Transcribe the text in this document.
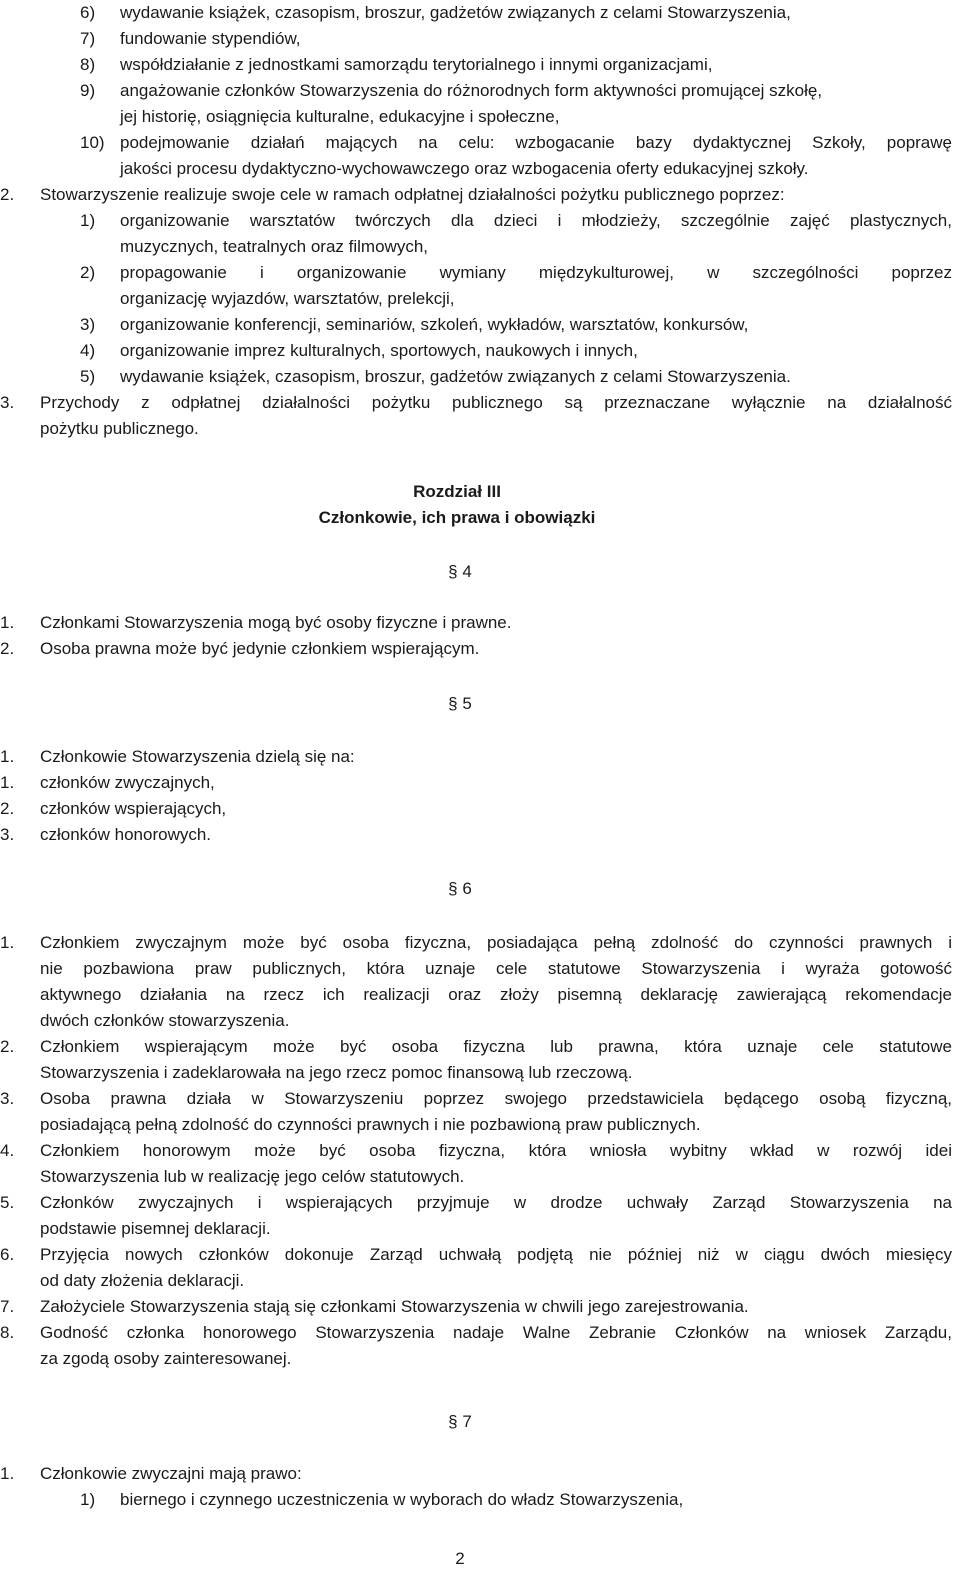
6)	wydawanie książek, czasopism, broszur, gadżetów związanych z celami Stowarzyszenia,
7)	fundowanie stypendiów,
8)	współdziałanie z jednostkami samorządu terytorialnego i innymi organizacjami,
9)	angażowanie członków Stowarzyszenia do różnorodnych form aktywności promującej szkołę,
jej historię, osiągnięcia kulturalne, edukacyjne i społeczne,
10) podejmowanie działań mających na celu: wzbogacanie bazy dydaktycznej Szkoły, poprawę
jakości procesu dydaktyczno-wychowawczego oraz wzbogacenia oferty edukacyjnej szkoły.
2.	Stowarzyszenie realizuje swoje cele w ramach odpłatnej działalności pożytku publicznego poprzez:
1)	organizowanie warsztatów twórczych dla dzieci i młodzieży, szczególnie zajęć plastycznych,
muzycznych, teatralnych oraz filmowych,
2)	propagowanie i organizowanie wymiany międzykulturowej, w szczególności poprzez
organizację wyjazdów, warsztatów, prelekcji,
3)	organizowanie konferencji, seminariów, szkoleń, wykładów, warsztatów, konkursów,
4)	organizowanie imprez kulturalnych, sportowych, naukowych i innych,
5)	wydawanie książek, czasopism, broszur, gadżetów związanych z celami Stowarzyszenia.
3.	Przychody z odpłatnej działalności pożytku publicznego są przeznaczane wyłącznie na działalność
pożytku publicznego.
Rozdział III
Członkowie, ich prawa i obowiązki
§ 4
1.	Członkami Stowarzyszenia mogą być osoby fizyczne i prawne.
2.	Osoba prawna może być jedynie członkiem wspierającym.
§ 5
1.	Członkowie Stowarzyszenia dzielą się na:
1.	członków zwyczajnych,
2.	członków wspierających,
3.	członków honorowych.
§ 6
1.	Członkiem zwyczajnym może być osoba fizyczna, posiadająca pełną zdolność do czynności prawnych i
nie pozbawiona praw publicznych, która uznaje cele statutowe Stowarzyszenia i wyraża gotowość
aktywnego działania na rzecz ich realizacji oraz złoży pisemną deklarację zawierającą rekomendacje
dwóch członków stowarzyszenia.
2.	Członkiem wspierającym może być osoba fizyczna lub prawna, która uznaje cele statutowe
Stowarzyszenia i zadeklarowała na jego rzecz pomoc finansową lub rzeczową.
3.	Osoba prawna działa w Stowarzyszeniu poprzez swojego przedstawiciela będącego osobą fizyczną,
posiadającą pełną zdolność do czynności prawnych i nie pozbawioną praw publicznych.
4.	Członkiem honorowym może być osoba fizyczna, która wniosła wybitny wkład w rozwój idei
Stowarzyszenia lub w realizację jego celów statutowych.
5.	Członków zwyczajnych i wspierających przyjmuje w drodze uchwały Zarząd Stowarzyszenia na
podstawie pisemnej deklaracji.
6.	Przyjęcia nowych członków dokonuje Zarząd uchwałą podjętą nie później niż w ciągu dwóch miesięcy
od daty złożenia deklaracji.
7.	Założyciele Stowarzyszenia stają się członkami Stowarzyszenia w chwili jego zarejestrowania.
8.	Godność członka honorowego Stowarzyszenia nadaje Walne Zebranie Członków na wniosek Zarządu,
za zgodą osoby zainteresowanej.
§ 7
1.	Członkowie zwyczajni mają prawo:
1)	biernego i czynnego uczestniczenia w wyborach do władz Stowarzyszenia,
2
